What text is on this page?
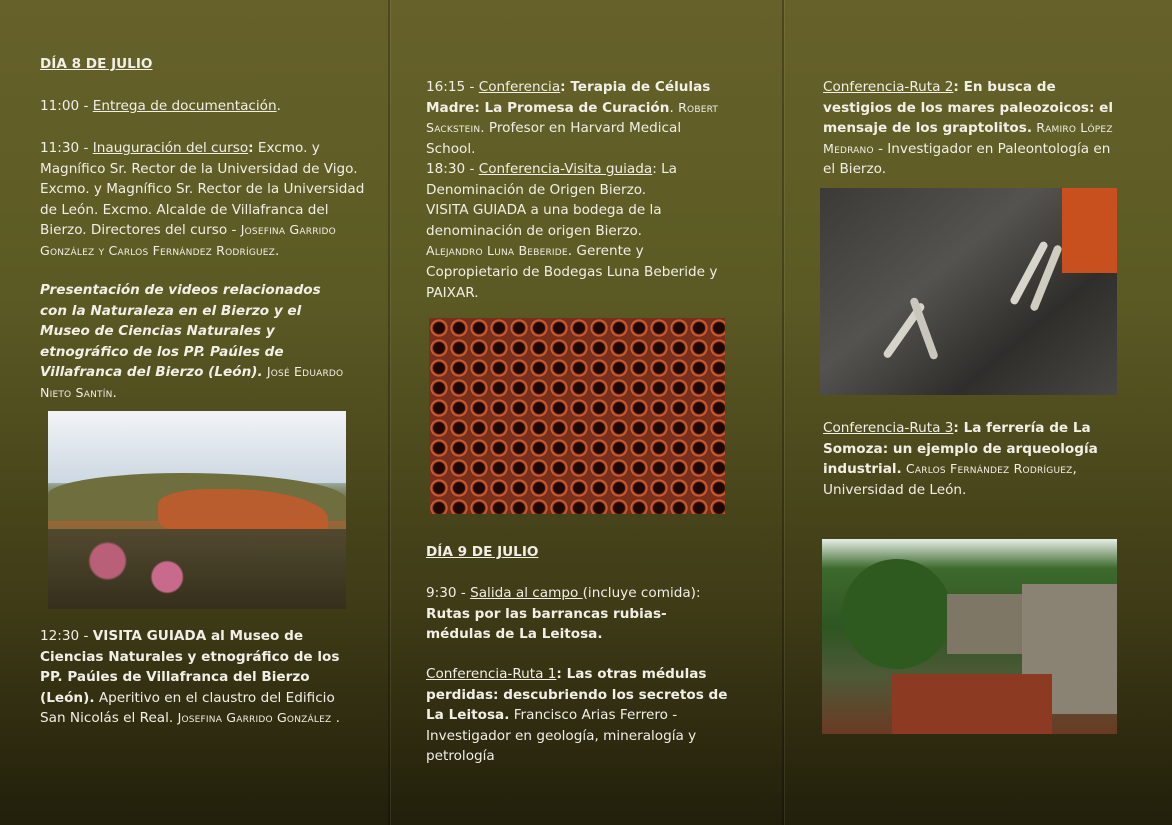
DÍA 8 DE JULIO

11:00 - Entrega de documentación.

11:30 - Inauguración del curso: Excmo. y Magnífico Sr. Rector de la Universidad de Vigo. Excmo. y Magnífico Sr. Rector de la Universidad de León. Excmo. Alcalde de Villafranca del Bierzo. Directores del curso - Josefina Garrido González y Carlos Fernández Rodríguez.

Presentación de videos relacionados con la Naturaleza en el Bierzo y el Museo de Ciencias Naturales y etnográfico de los PP. Paúles de Villafranca del Bierzo (León). José Eduardo Nieto Santín.

12:30 - VISITA GUIADA al Museo de Ciencias Naturales y etnográfico de los PP. Paúles de Villafranca del Bierzo (León). Aperitivo en el claustro del Edificio San Nicolás el Real. Josefina Garrido González .

16:15 - Conferencia: Terapia de Células Madre: La Promesa de Curación. Robert Sackstein. Profesor en Harvard Medical School.

18:30 - Conferencia-Visita guiada: La Denominación de Origen Bierzo.
VISITA GUIADA a una bodega de la denominación de origen Bierzo.
Alejandro Luna Beberide. Gerente y Copropietario de Bodegas Luna Beberide y PAIXAR.

DÍA 9 DE JULIO

9:30 - Salida al campo (incluye comida):
Rutas por las barrancas rubias- médulas de La Leitosa.

Conferencia-Ruta 1: Las otras médulas perdidas: descubriendo los secretos de La Leitosa. Francisco Arias Ferrero - Investigador en geología, mineralogía y petrología

Conferencia-Ruta 2: En busca de vestigios de los mares paleozoicos: el mensaje de los graptolitos. Ramiro López Medrano - Investigador en Paleontología en el Bierzo.

Conferencia-Ruta 3: La ferrería de La Somoza: un ejemplo de arqueología industrial. Carlos Fernández Rodríguez, Universidad de León.
